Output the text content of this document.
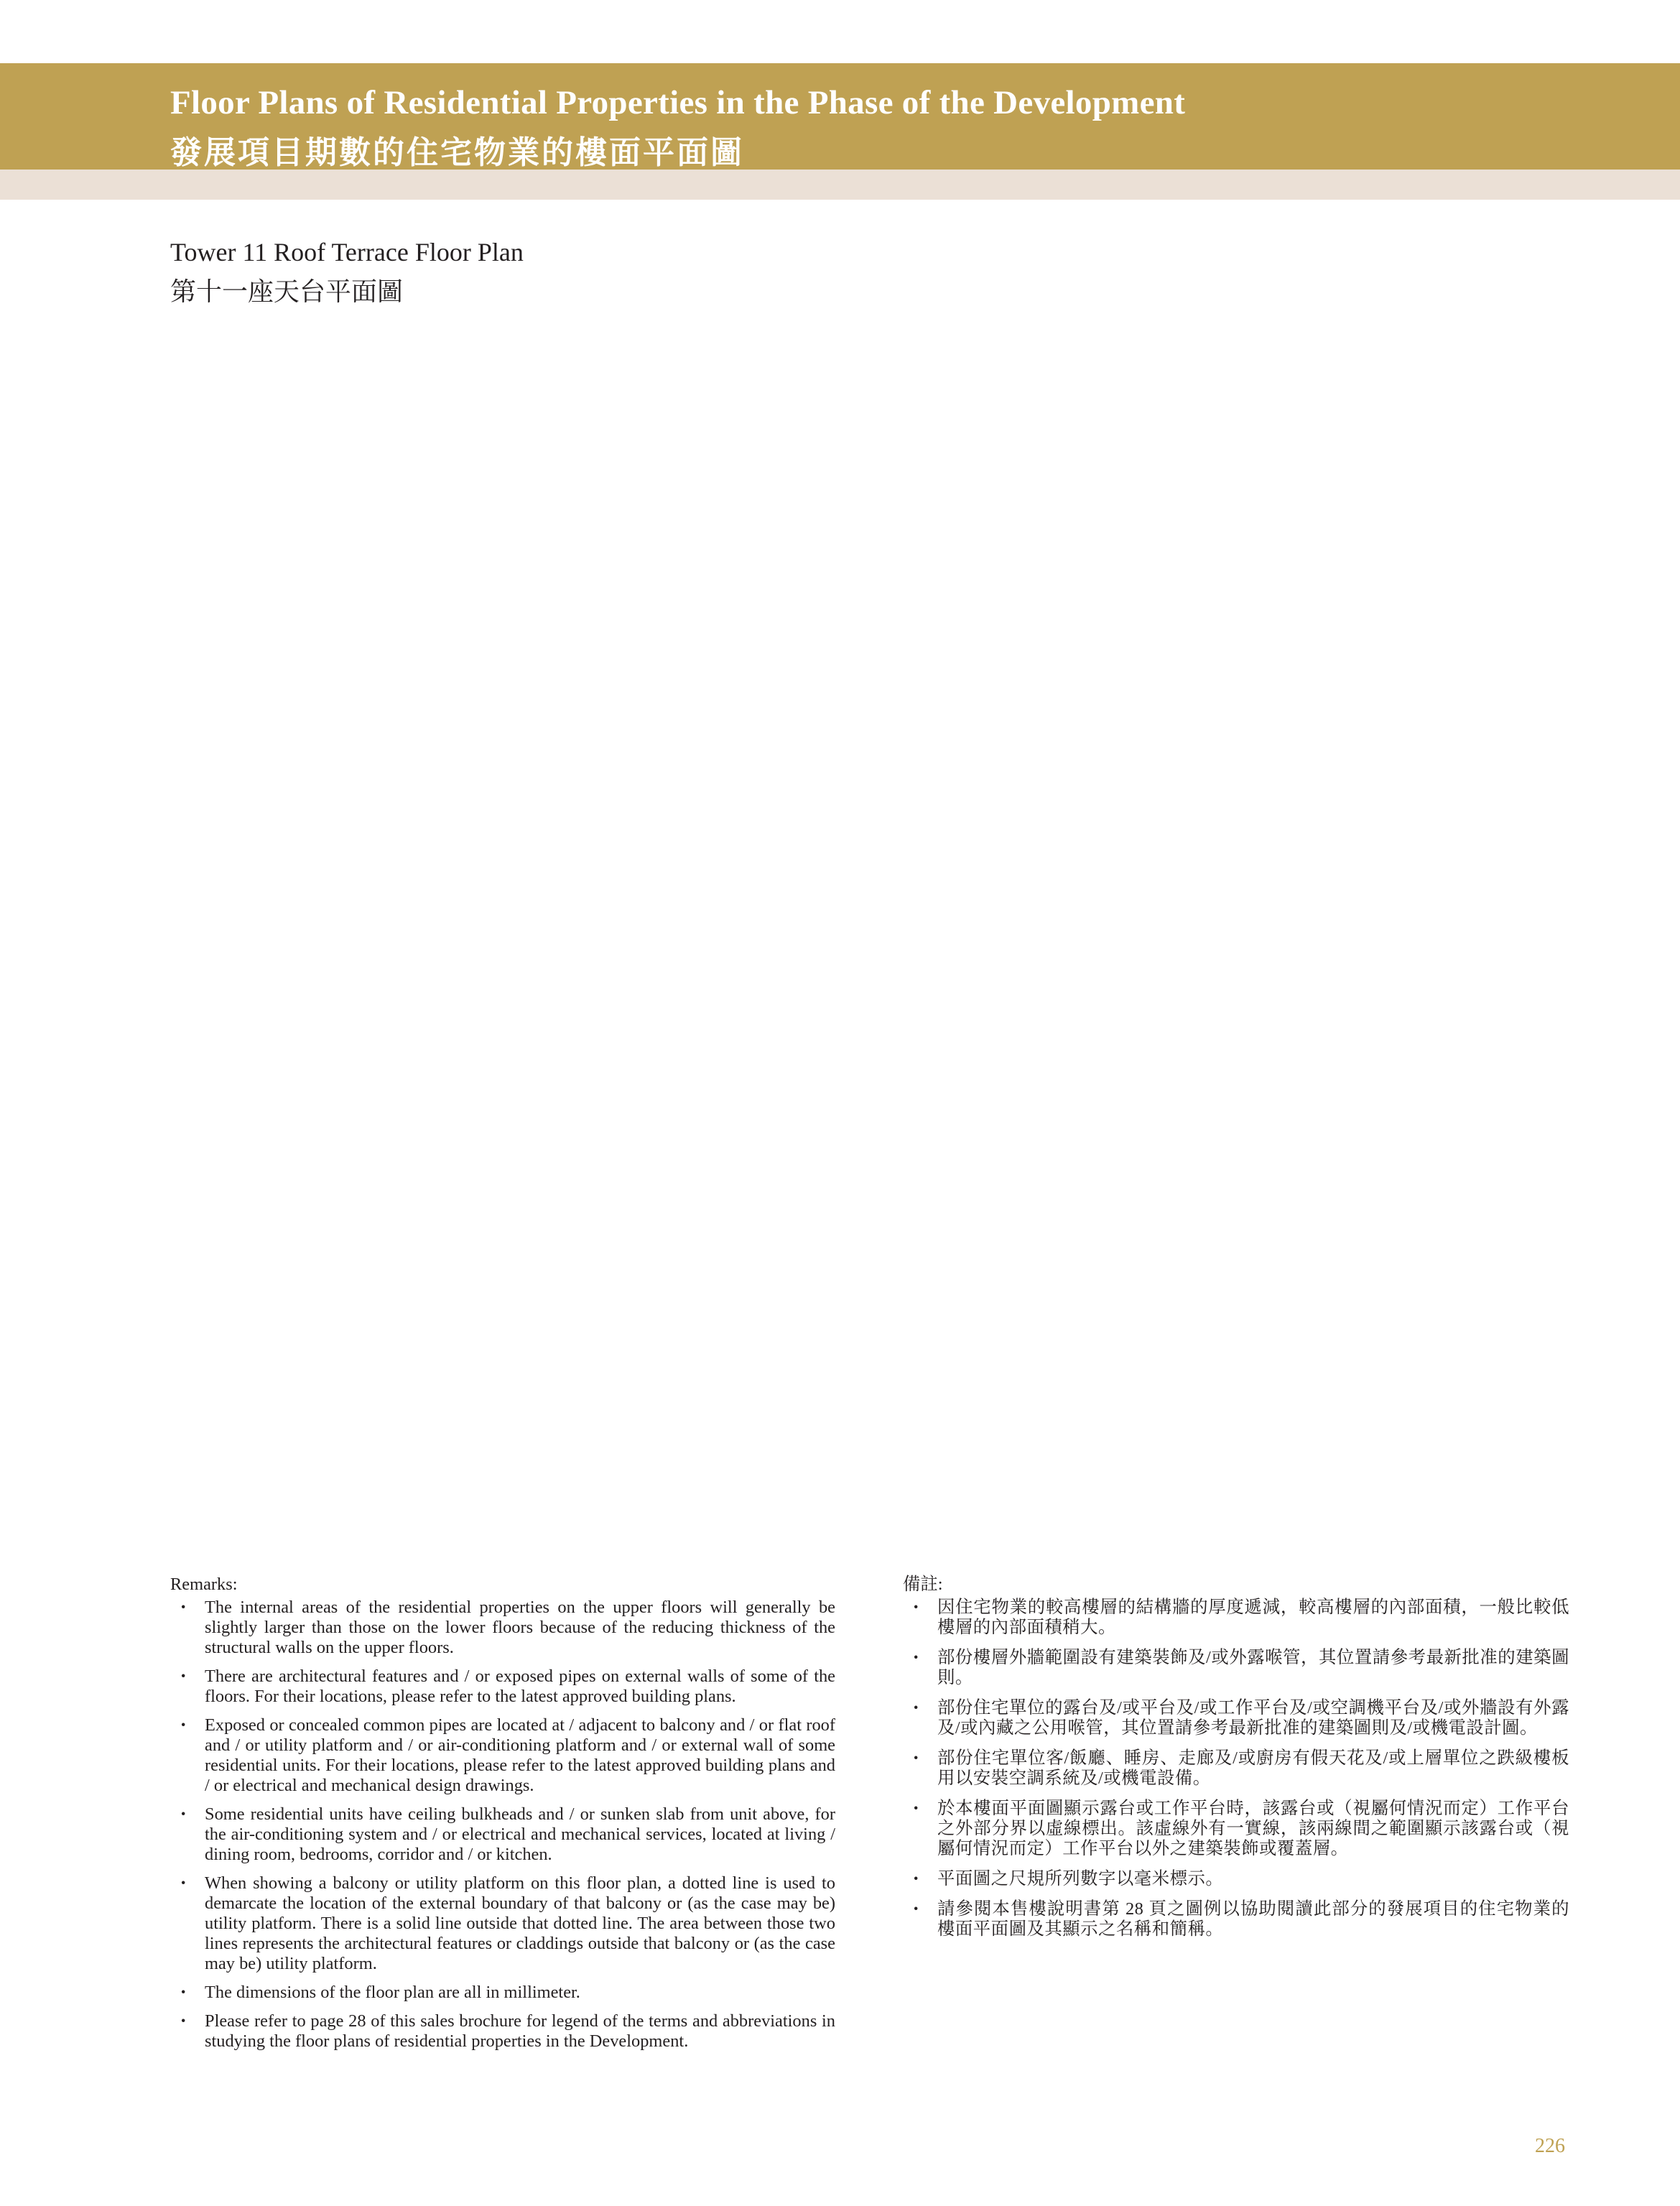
Floor Plans of Residential Properties in the Phase of the Development
發展項目期數的住宅物業的樓面平面圖
Tower 11 Roof Terrace Floor Plan
第十一座天台平面圖

Remarks:

・ The internal areas of the residential properties on the upper floors will generally be slightly larger than those on the lower floors because of the reducing thickness of the structural walls on the upper floors.
・ There are architectural features and / or exposed pipes on external walls of some of the floors. For their locations, please refer to the latest approved building plans.
・ Exposed or concealed common pipes are located at / adjacent to balcony and / or flat roof and / or utility platform and / or air-conditioning platform and / or external wall of some residential units. For their locations, please refer to the latest approved building plans and / or electrical and mechanical design drawings.
・ Some residential units have ceiling bulkheads and / or sunken slab from unit above, for the air-conditioning system and / or electrical and mechanical services, located at living / dining room, bedrooms, corridor and / or kitchen.
・ When showing a balcony or utility platform on this floor plan, a dotted line is used to demarcate the location of the external boundary of that balcony or (as the case may be) utility platform. There is a solid line outside that dotted line. The area between those two lines represents the architectural features or claddings outside that balcony or (as the case may be) utility platform.
・ The dimensions of the floor plan are all in millimeter.
・ Please refer to page 28 of this sales brochure for legend of the terms and abbreviations in studying the floor plans of residential properties in the Development.

備註:

・ 因住宅物業的較高樓層的結構牆的厚度遞減，較高樓層的內部面積，一般比較低樓層的內部面積稍大。
・ 部份樓層外牆範圍設有建築裝飾及/或外露喉管，其位置請參考最新批准的建築圖則。
・ 部份住宅單位的露台及/或平台及/或工作平台及/或空調機平台及/或外牆設有外露及/或內藏之公用喉管，其位置請參考最新批准的建築圖則及/或機電設計圖。
・ 部份住宅單位客/飯廳、睡房、走廊及/或廚房有假天花及/或上層單位之跌級樓板用以安裝空調系統及/或機電設備。
・ 於本樓面平面圖顯示露台或工作平台時，該露台或（視屬何情況而定）工作平台之外部分界以虛線標出。該虛線外有一實線，該兩線間之範圍顯示該露台或（視屬何情況而定）工作平台以外之建築裝飾或覆蓋層。
・ 平面圖之尺規所列數字以毫米標示。
・ 請參閱本售樓說明書第 28 頁之圖例以協助閱讀此部分的發展項目的住宅物業的樓面平面圖及其顯示之名稱和簡稱。
226
